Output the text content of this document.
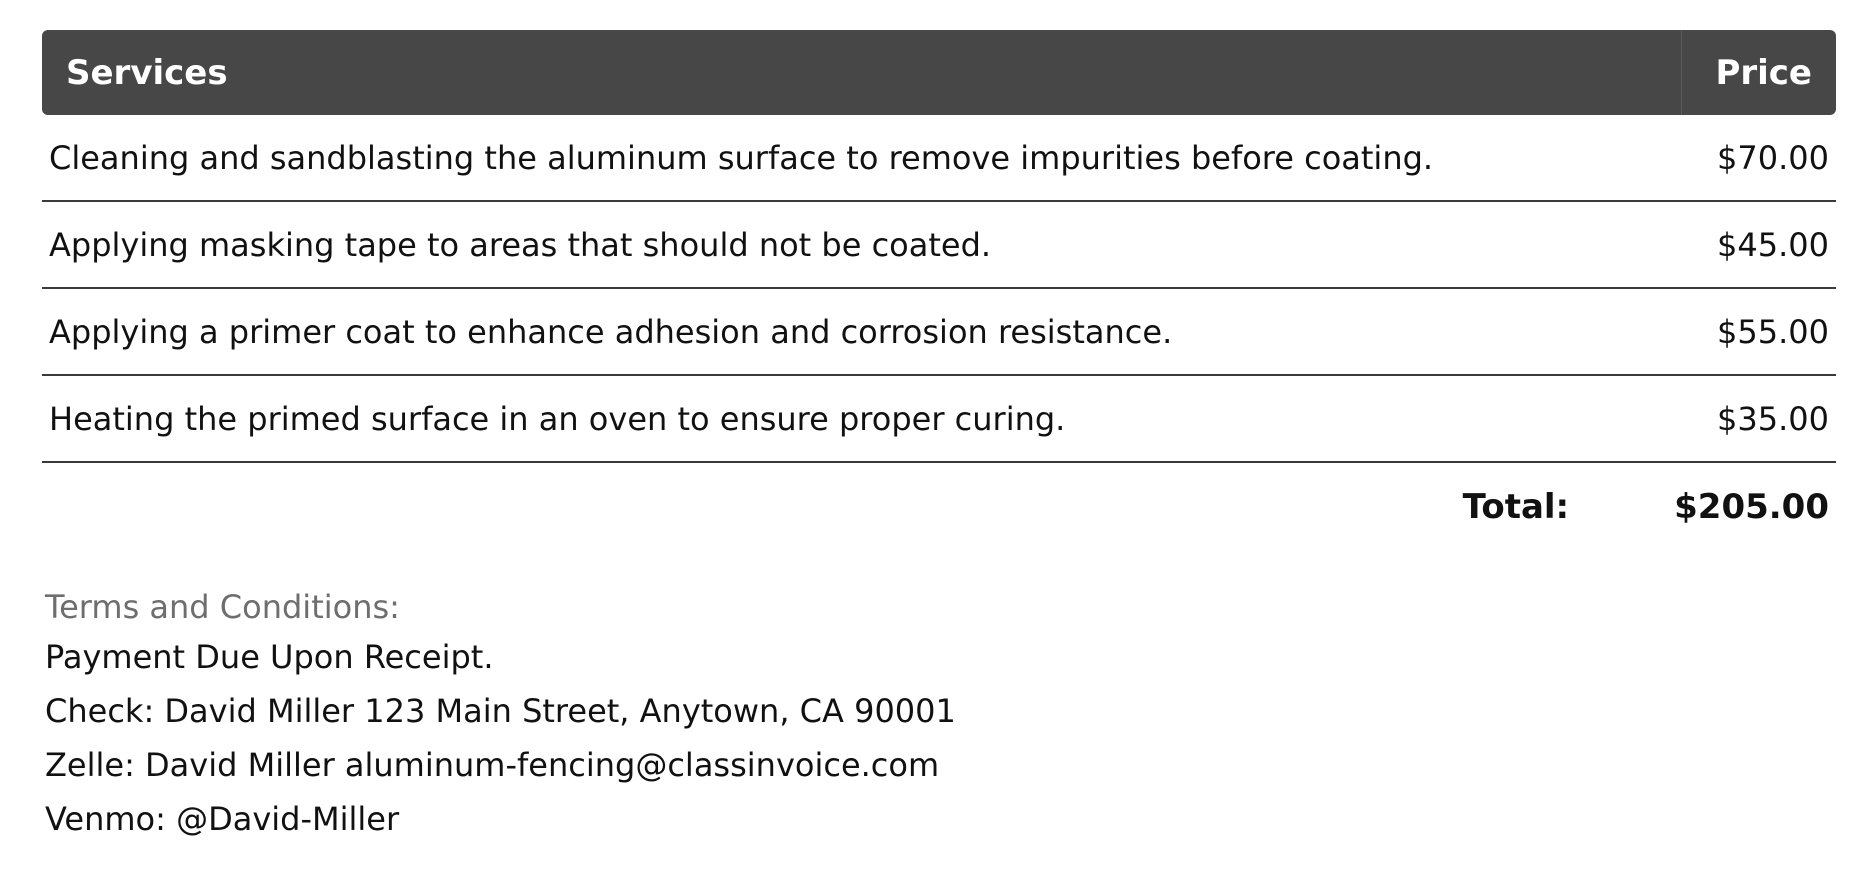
Services	Price
Cleaning and sandblasting the aluminum surface to remove impurities before coating.	$70.00
Applying masking tape to areas that should not be coated.	$45.00
Applying a primer coat to enhance adhesion and corrosion resistance.	$55.00
Heating the primed surface in an oven to ensure proper curing.	$35.00
Total:	$205.00
Terms and Conditions:
Payment Due Upon Receipt.
Check: David Miller 123 Main Street, Anytown, CA 90001
Zelle: David Miller aluminum-fencing@classinvoice.com
Venmo: @David-Miller
